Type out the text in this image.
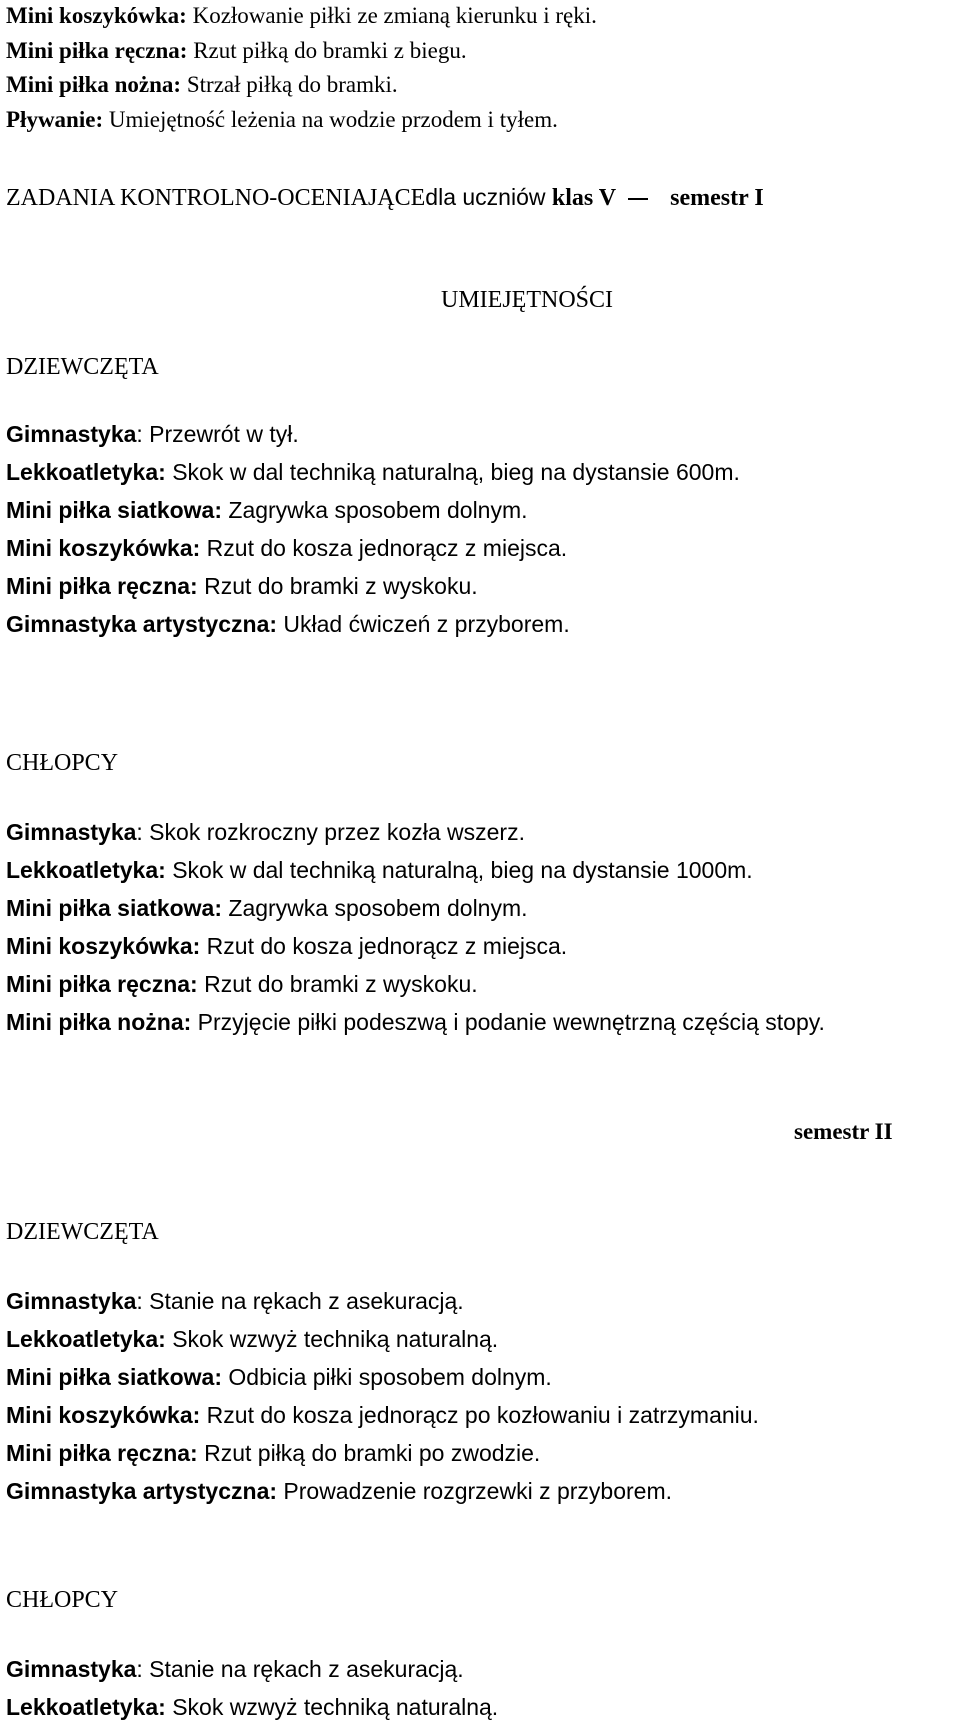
Mini koszykówka: Kozłowanie piłki ze zmianą kierunku i ręki.
Mini piłka ręczna: Rzut piłką do bramki z biegu.
Mini piłka nożna: Strzał piłką do bramki.
Pływanie: Umiejętność leżenia na wodzie przodem i tyłem.
ZADANIA KONTROLNO-OCENIAJĄCEdla uczniów klas V semestr I
UMIEJĘTNOŚCI
DZIEWCZĘTA
Gimnastyka: Przewrót w tył.
Lekkoatletyka: Skok w dal techniką naturalną, bieg na dystansie 600m.
Mini piłka siatkowa: Zagrywka sposobem dolnym.
Mini koszykówka: Rzut do kosza jednorącz z miejsca.
Mini piłka ręczna: Rzut do bramki z wyskoku.
Gimnastyka artystyczna: Układ ćwiczeń z przyborem.
CHŁOPCY
Gimnastyka: Skok rozkroczny przez kozła wszerz.
Lekkoatletyka: Skok w dal techniką naturalną, bieg na dystansie 1000m.
Mini piłka siatkowa: Zagrywka sposobem dolnym.
Mini koszykówka: Rzut do kosza jednorącz z miejsca.
Mini piłka ręczna: Rzut do bramki z wyskoku.
Mini piłka nożna: Przyjęcie piłki podeszwą i podanie wewnętrzną częścią stopy.
semestr II
DZIEWCZĘTA
Gimnastyka: Stanie na rękach z asekuracją.
Lekkoatletyka: Skok wzwyż techniką naturalną.
Mini piłka siatkowa: Odbicia piłki sposobem dolnym.
Mini koszykówka: Rzut do kosza jednorącz po kozłowaniu i zatrzymaniu.
Mini piłka ręczna: Rzut piłką do bramki po zwodzie.
Gimnastyka artystyczna: Prowadzenie rozgrzewki z przyborem.
CHŁOPCY
Gimnastyka: Stanie na rękach z asekuracją.
Lekkoatletyka: Skok wzwyż techniką naturalną.
